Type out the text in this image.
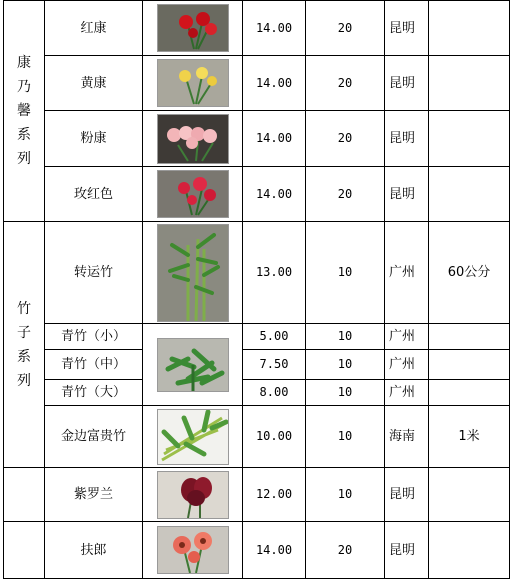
康乃馨系列	红康		14.00	20	昆明	
	黄康		14.00	20	昆明	
	粉康		14.00	20	昆明	
	玫红色		14.00	20	昆明	

竹子系列	转运竹		13.00	10	广州	60公分
	青竹（小）		5.00	10	广州	
	青竹（中）		7.50	10	广州	
	青竹（大）		8.00	10	广州	
	金边富贵竹		10.00	10	海南	1米
	紫罗兰		12.00	10	昆明	
	扶郎		14.00	20	昆明	
